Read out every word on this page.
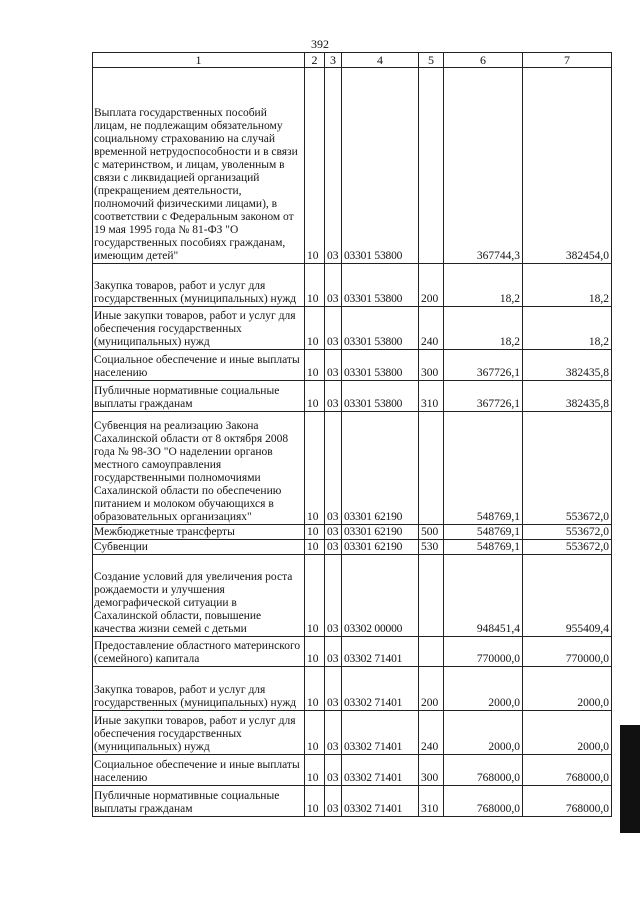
392
1	2	3	4	5	6	7
Выплата государственных пособий лицам, не подлежащим обязательному социальному страхованию на случай временной нетрудоспособности и в связи с материнством, и лицам, уволенным в связи с ликвидацией организаций (прекращением деятельности, полномочий физическими лицами), в соответствии с Федеральным законом от 19 мая 1995 года № 81-ФЗ "О государственных пособиях гражданам, имеющим детей"	10	03	03301 53800		367744,3	382454,0
Закупка товаров, работ и услуг для государственных (муниципальных) нужд	10	03	03301 53800	200	18,2	18,2
Иные закупки товаров, работ и услуг для обеспечения государственных (муниципальных) нужд	10	03	03301 53800	240	18,2	18,2
Социальное обеспечение и иные выплаты населению	10	03	03301 53800	300	367726,1	382435,8
Публичные нормативные социальные выплаты гражданам	10	03	03301 53800	310	367726,1	382435,8
Субвенция на реализацию Закона Сахалинской области от 8 октября 2008 года № 98-ЗО "О наделении органов местного самоуправления государственными полномочиями Сахалинской области по обеспечению питанием и молоком обучающихся в образовательных организациях"	10	03	03301 62190		548769,1	553672,0
Межбюджетные трансферты	10	03	03301 62190	500	548769,1	553672,0
Субвенции	10	03	03301 62190	530	548769,1	553672,0
Создание условий для увеличения роста рождаемости и улучшения демографической ситуации в Сахалинской области, повышение качества жизни семей с детьми	10	03	03302 00000		948451,4	955409,4
Предоставление областного материнского (семейного) капитала	10	03	03302 71401		770000,0	770000,0
Закупка товаров, работ и услуг для государственных (муниципальных) нужд	10	03	03302 71401	200	2000,0	2000,0
Иные закупки товаров, работ и услуг для обеспечения государственных (муниципальных) нужд	10	03	03302 71401	240	2000,0	2000,0
Социальное обеспечение и иные выплаты населению	10	03	03302 71401	300	768000,0	768000,0
Публичные нормативные социальные выплаты гражданам	10	03	03302 71401	310	768000,0	768000,0
